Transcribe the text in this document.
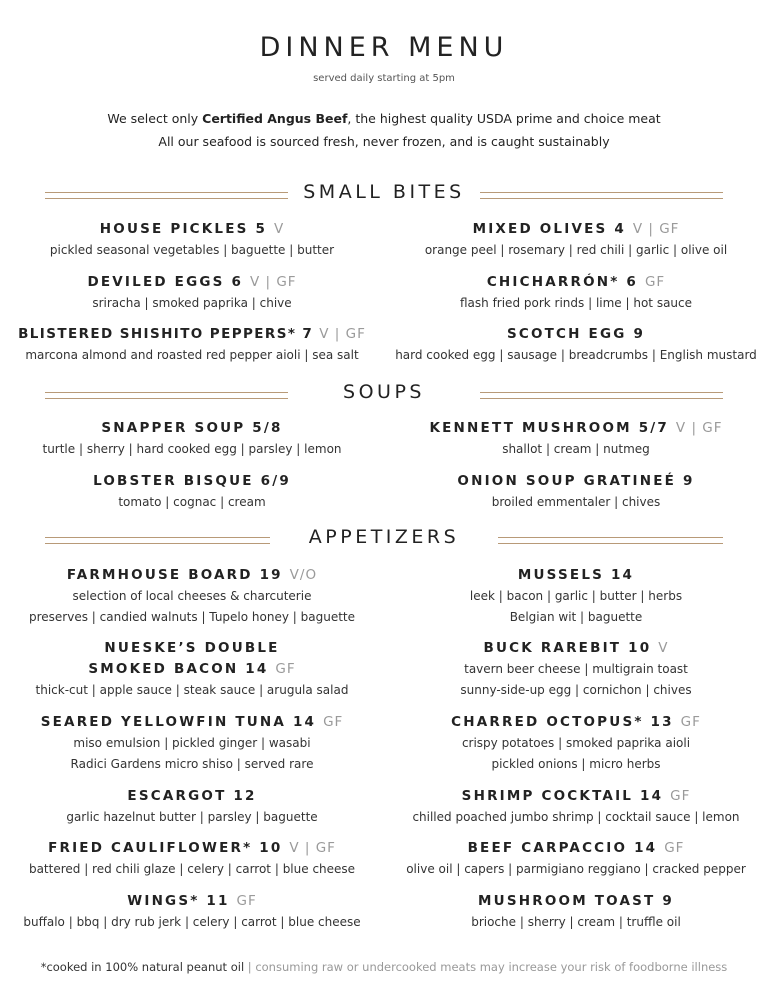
DINNER MENU
served daily starting at 5pm
We select only Certified Angus Beef, the highest quality USDA prime and choice meat
All our seafood is sourced fresh, never frozen, and is caught sustainably
SMALL BITES
HOUSE PICKLES 5 V
pickled seasonal vegetables | baguette | butter
MIXED OLIVES 4 V | GF
orange peel | rosemary | red chili | garlic | olive oil
DEVILED EGGS 6 V | GF
sriracha | smoked paprika | chive
CHICHARRÓN* 6 GF
flash fried pork rinds | lime | hot sauce
BLISTERED SHISHITO PEPPERS* 7 V | GF
marcona almond and roasted red pepper aioli | sea salt
SCOTCH EGG 9
hard cooked egg | sausage | breadcrumbs | English mustard
SOUPS
SNAPPER SOUP 5/8
turtle | sherry | hard cooked egg | parsley | lemon
KENNETT MUSHROOM 5/7 V | GF
shallot | cream | nutmeg
LOBSTER BISQUE 6/9
tomato | cognac | cream
ONION SOUP GRATINEÉ 9
broiled emmentaler | chives
APPETIZERS
FARMHOUSE BOARD 19 V/O
selection of local cheeses & charcuterie
preserves | candied walnuts | Tupelo honey | baguette
MUSSELS 14
leek | bacon | garlic | butter | herbs
Belgian wit | baguette
NUESKE’S DOUBLE
SMOKED BACON 14 GF
thick-cut | apple sauce | steak sauce | arugula salad
BUCK RAREBIT 10 V
tavern beer cheese | multigrain toast
sunny-side-up egg | cornichon | chives
SEARED YELLOWFIN TUNA 14 GF
miso emulsion | pickled ginger | wasabi
Radici Gardens micro shiso | served rare
CHARRED OCTOPUS* 13 GF
crispy potatoes | smoked paprika aioli
pickled onions | micro herbs
ESCARGOT 12
garlic hazelnut butter | parsley | baguette
SHRIMP COCKTAIL 14 GF
chilled poached jumbo shrimp | cocktail sauce | lemon
FRIED CAULIFLOWER* 10 V | GF
battered | red chili glaze | celery | carrot | blue cheese
BEEF CARPACCIO 14 GF
olive oil | capers | parmigiano reggiano | cracked pepper
WINGS* 11 GF
buffalo | bbq | dry rub jerk | celery | carrot | blue cheese
MUSHROOM TOAST 9
brioche | sherry | cream | truffle oil
*cooked in 100% natural peanut oil | consuming raw or undercooked meats may increase your risk of foodborne illness
